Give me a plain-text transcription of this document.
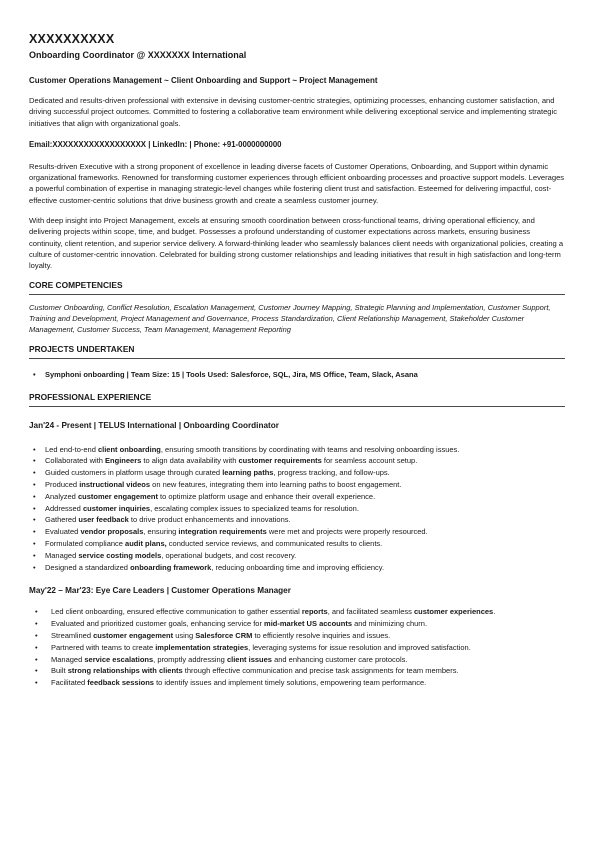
XXXXXXXXXX

Onboarding Coordinator @ XXXXXXX International

Customer Operations Management ~ Client Onboarding and Support ~ Project Management

Dedicated and results-driven professional with extensive in devising customer-centric strategies, optimizing processes, enhancing customer satisfaction, and driving successful project outcomes. Committed to fostering a collaborative team environment while delivering exceptional service and implementing strategic initiatives that align with organizational goals.

Email:XXXXXXXXXXXXXXXXXX | LinkedIn: | Phone: +91-0000000000

Results-driven Executive with a strong proponent of excellence in leading diverse facets of Customer Operations, Onboarding, and Support within dynamic organizational frameworks. Renowned for transforming customer experiences through efficient onboarding processes and proactive support models. Leverages a powerful combination of expertise in managing strategic-level changes while fostering client trust and satisfaction. Esteemed for delivering impactful, cost-effective customer-centric solutions that drive business growth and create a seamless customer journey.

With deep insight into Project Management, excels at ensuring smooth coordination between cross-functional teams, driving operational efficiency, and delivering projects within scope, time, and budget. Possesses a profound understanding of customer expectations across markets, ensuring business continuity, client retention, and superior service delivery. A forward-thinking leader who seamlessly balances client needs with organizational policies, creating a culture of customer-centric innovation. Celebrated for building strong customer relationships and leading initiatives that result in high satisfaction and long-term loyalty.

CORE COMPETENCIES
Customer Onboarding, Conflict Resolution, Escalation Management, Customer Journey Mapping, Strategic Planning and Implementation, Customer Support, Training and Development, Project Management and Governance, Process Standardization, Client Relationship Management, Stakeholder Customer Management, Customer Success, Team Management, Management Reporting
PROJECTS UNDERTAKEN
• Symphoni onboarding | Team Size: 15 | Tools Used: Salesforce, SQL, Jira, MS Office, Team, Slack, Asana
PROFESSIONAL EXPERIENCE
Jan'24 - Present | TELUS International | Onboarding Coordinator
• Led end-to-end client onboarding, ensuring smooth transitions by coordinating with teams and resolving onboarding issues.
• Collaborated with Engineers to align data availability with customer requirements for seamless account setup.
• Guided customers in platform usage through curated learning paths, progress tracking, and follow-ups.
• Produced instructional videos on new features, integrating them into learning paths to boost engagement.
• Analyzed customer engagement to optimize platform usage and enhance their overall experience.
• Addressed customer inquiries, escalating complex issues to specialized teams for resolution.
• Gathered user feedback to drive product enhancements and innovations.
• Evaluated vendor proposals, ensuring integration requirements were met and projects were properly resourced.
• Formulated compliance audit plans, conducted service reviews, and communicated results to clients.
• Managed service costing models, operational budgets, and cost recovery.
• Designed a standardized onboarding framework, reducing onboarding time and improving efficiency.
May'22 – Mar'23: Eye Care Leaders | Customer Operations Manager
• Led client onboarding, ensured effective communication to gather essential reports, and facilitated seamless customer experiences.
• Evaluated and prioritized customer goals, enhancing service for mid-market US accounts and minimizing churn.
• Streamlined customer engagement using Salesforce CRM to efficiently resolve inquiries and issues.
• Partnered with teams to create implementation strategies, leveraging systems for issue resolution and improved satisfaction.
• Managed service escalations, promptly addressing client issues and enhancing customer care protocols.
• Built strong relationships with clients through effective communication and precise task assignments for team members.
• Facilitated feedback sessions to identify issues and implement timely solutions, empowering team performance.
